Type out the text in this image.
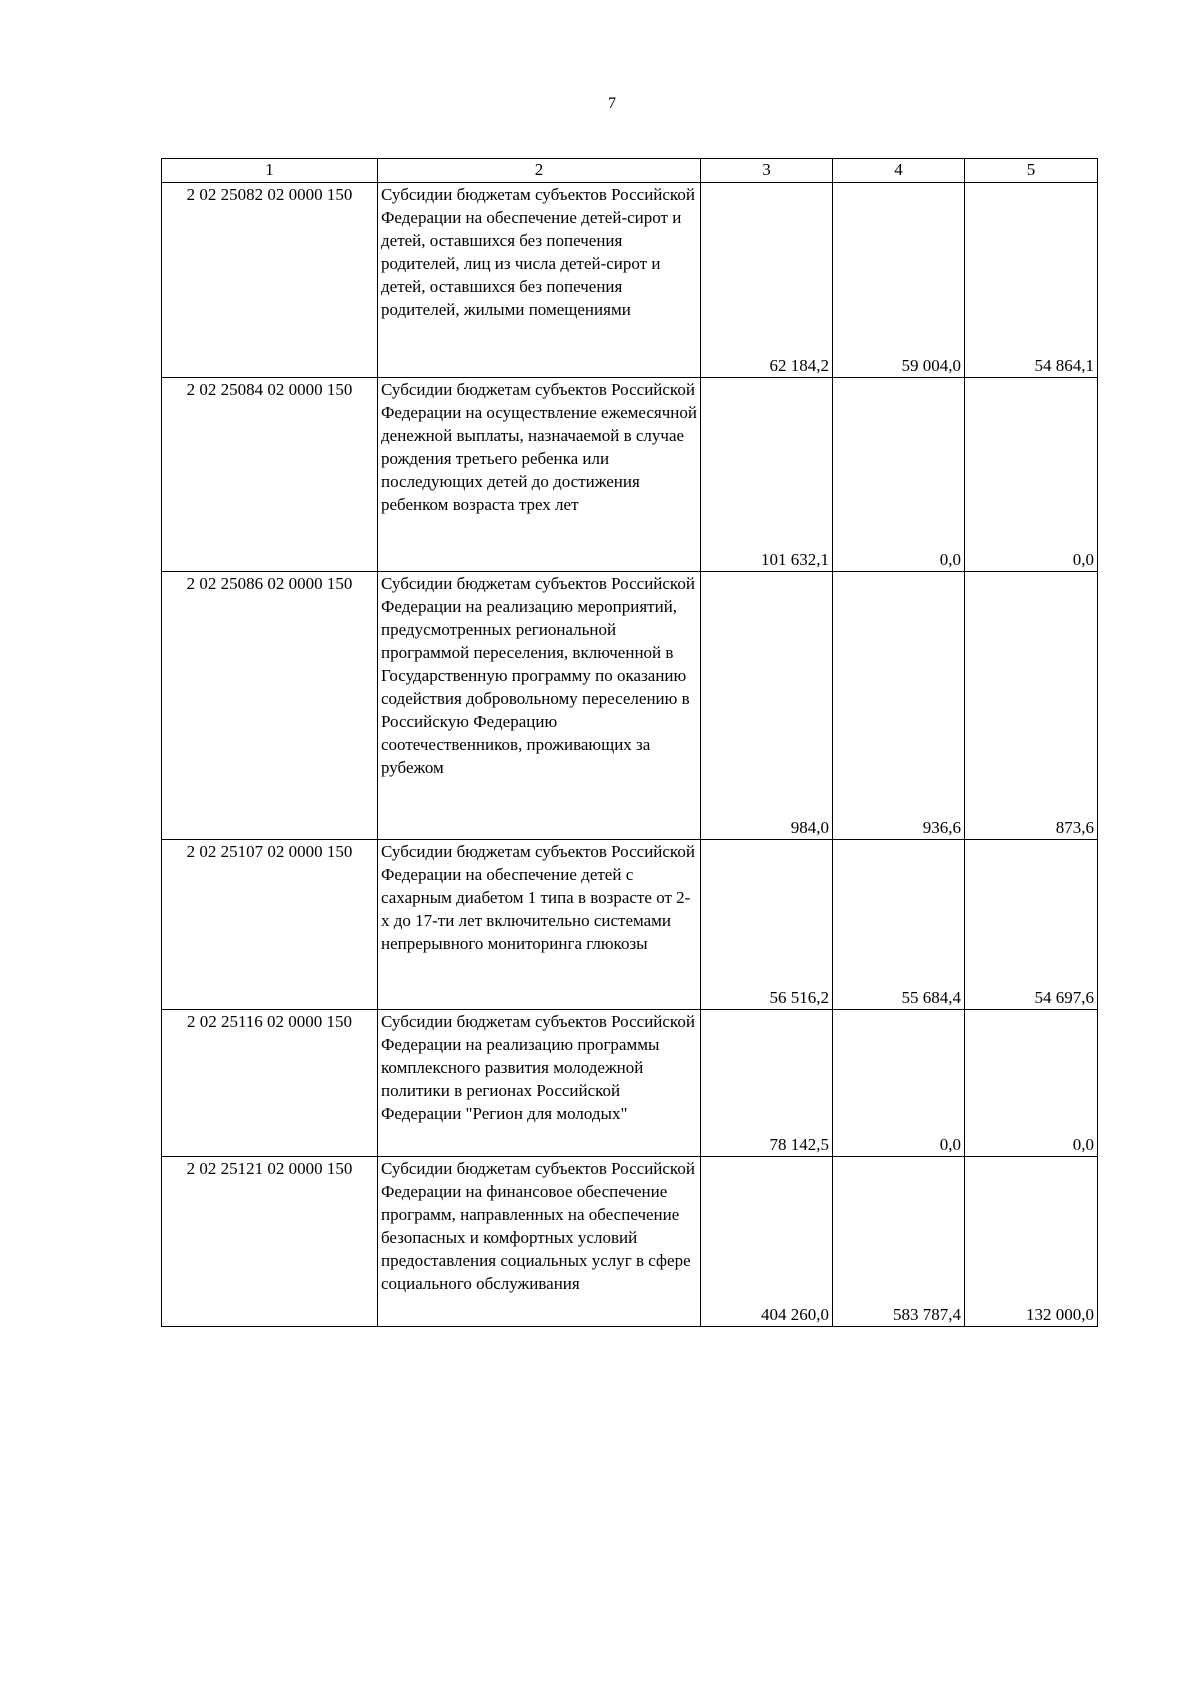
7
1	2	3	4	5
2 02 25082 02 0000 150	Субсидии бюджетам субъектов Российской Федерации на обеспечение детей-сирот и детей, оставшихся без попечения родителей, лиц из числа детей-сирот и детей, оставшихся без попечения родителей, жилыми помещениями	62 184,2	59 004,0	54 864,1
2 02 25084 02 0000 150	Субсидии бюджетам субъектов Российской Федерации на осуществление ежемесячной денежной выплаты, назначаемой в случае рождения третьего ребенка или последующих детей до достижения ребенком возраста трех лет	101 632,1	0,0	0,0
2 02 25086 02 0000 150	Субсидии бюджетам субъектов Российской Федерации на реализацию мероприятий, предусмотренных региональной программой переселения, включенной в Государственную программу по оказанию содействия добровольному переселению в Российскую Федерацию соотечественников, проживающих за рубежом	984,0	936,6	873,6
2 02 25107 02 0000 150	Субсидии бюджетам субъектов Российской Федерации на обеспечение детей с сахарным диабетом 1 типа в возрасте от 2-х до 17-ти лет включительно системами непрерывного мониторинга глюкозы	56 516,2	55 684,4	54 697,6
2 02 25116 02 0000 150	Субсидии бюджетам субъектов Российской Федерации на реализацию программы комплексного развития молодежной политики в регионах Российской Федерации "Регион для молодых"	78 142,5	0,0	0,0
2 02 25121 02 0000 150	Субсидии бюджетам субъектов Российской Федерации на финансовое обеспечение программ, направленных на обеспечение безопасных и комфортных условий предоставления социальных услуг в сфере социального обслуживания	404 260,0	583 787,4	132 000,0
